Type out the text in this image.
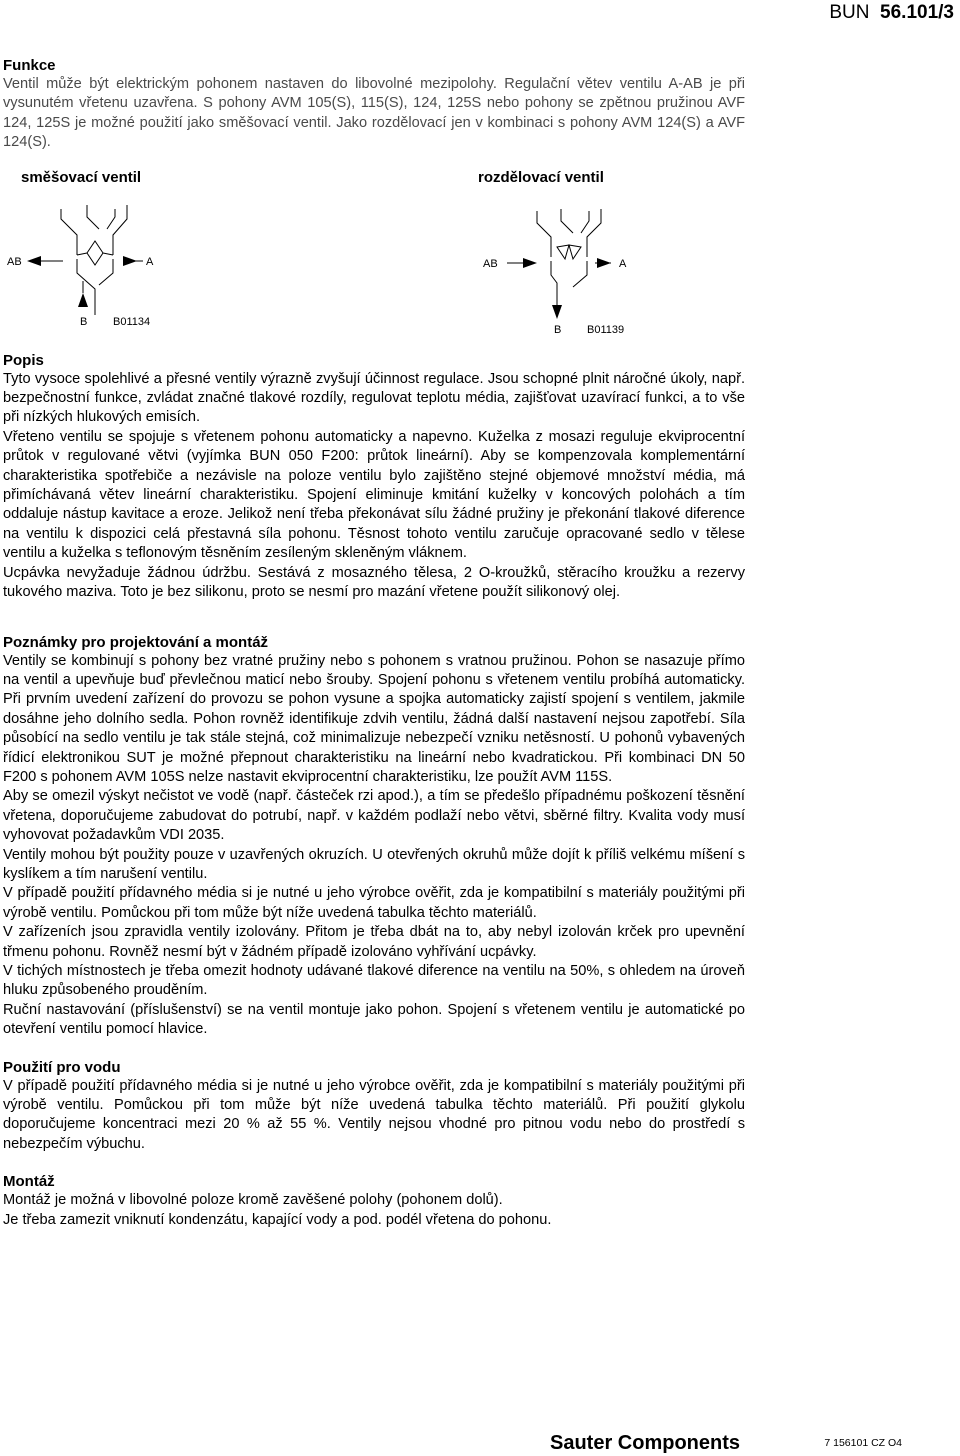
BUN 56.101/3
Funkce

Ventil může být elektrickým pohonem nastaven do libovolné mezipolohy. Regulační větev ventilu A-AB je při vysunutém vřetenu uzavřena. S pohony AVM 105(S), 115(S), 124, 125S nebo pohony se zpětnou pružinou AVF 124, 125S je možné použití jako směšovací ventil. Jako rozdělovací jen v kombinaci s pohony AVM 124(S) a AVF 124(S).

směšovací ventil	rozdělovací ventil
AB	A
B B01134
AB	A
B B01139
Popis

Tyto vysoce spolehlivé a přesné ventily výrazně zvyšují účinnost regulace. Jsou schopné plnit náročné úkoly, např. bezpečnostní funkce, zvládat značné tlakové rozdíly, regulovat teplotu média, zajišťovat uzavírací funkci, a to vše při nízkých hlukových emisích.

Vřeteno ventilu se spojuje s vřetenem pohonu automaticky a napevno. Kuželka z mosazi reguluje ekviprocentní průtok v regulované větvi (vyjímka BUN 050 F200: průtok lineární). Aby se kompenzovala komplementární charakteristika spotřebiče a nezávisle na poloze ventilu bylo zajištěno stejné objemové množství média, má přimíchávaná větev lineární charakteristiku. Spojení eliminuje kmitání kuželky v koncových polohách a tím oddaluje nástup kavitace a eroze. Jelikož není třeba překonávat sílu žádné pružiny je překonání tlakové diference na ventilu k dispozici celá přestavná síla pohonu. Těsnost tohoto ventilu zaručuje opracované sedlo v tělese ventilu a kuželka s teflonovým těsněním zesíleným skleněným vláknem.

Ucpávka nevyžaduje žádnou údržbu. Sestává z mosazného tělesa, 2 O-kroužků, stěracího kroužku a rezervy tukového maziva. Toto je bez silikonu, proto se nesmí pro mazání vřetene použít silikonový olej.

Poznámky pro projektování a montáž

Ventily se kombinují s pohony bez vratné pružiny nebo s pohonem s vratnou pružinou. Pohon se nasazuje přímo na ventil a upevňuje buď převlečnou maticí nebo šrouby. Spojení pohonu s vřetenem ventilu probíhá automaticky. Při prvním uvedení zařízení do provozu se pohon vysune a spojka automaticky zajistí spojení s ventilem, jakmile dosáhne jeho dolního sedla. Pohon rovněž identifikuje zdvih ventilu, žádná další nastavení nejsou zapotřebí. Síla působící na sedlo ventilu je tak stále stejná, což minimalizuje nebezpečí vzniku netěsností. U pohonů vybavených řídicí elektronikou SUT je možné přepnout charakteristiku na lineární nebo kvadratickou. Při kombinaci DN 50 F200 s pohonem AVM 105S nelze nastavit ekviprocentní charakteristiku, lze použít AVM 115S.

Aby se omezil výskyt nečistot ve vodě (např. částeček rzi apod.), a tím se předešlo případnému poškození těsnění vřetena, doporučujeme zabudovat do potrubí, např. v každém podlaží nebo větvi, sběrné filtry. Kvalita vody musí vyhovovat požadavkům VDI 2035.

Ventily mohou být použity pouze v uzavřených okruzích. U otevřených okruhů může dojít k příliš velkému míšení s kyslíkem a tím narušení ventilu.

V případě použití přídavného média si je nutné u jeho výrobce ověřit, zda je kompatibilní s materiály použitými při výrobě ventilu. Pomůckou při tom může být níže uvedená tabulka těchto materiálů.

V zařízeních jsou zpravidla ventily izolovány. Přitom je třeba dbát na to, aby nebyl izolován krček pro upevnění třmenu pohonu. Rovněž nesmí být v žádném případě izolováno vyhřívání ucpávky.

V tichých místnostech je třeba omezit hodnoty udávané tlakové diference na ventilu na 50%, s ohledem na úroveň hluku způsobeného prouděním.

Ruční nastavování (příslušenství) se na ventil montuje jako pohon. Spojení s vřetenem ventilu je automatické po otevření ventilu pomocí hlavice.

Použití pro vodu

V případě použití přídavného média si je nutné u jeho výrobce ověřit, zda je kompatibilní s materiály použitými při výrobě ventilu. Pomůckou při tom může být níže uvedená tabulka těchto materiálů. Při použití glykolu doporučujeme koncentraci mezi 20 % až 55 %. Ventily nejsou vhodné pro pitnou vodu nebo do prostředí s nebezpečím výbuchu.

Montáž

Montáž je možná v libovolné poloze kromě zavěšené polohy (pohonem dolů).

Je třeba zamezit vniknutí kondenzátu, kapající vody a pod. podél vřetena do pohonu.

Sauter Components	7 156101 CZ O4
